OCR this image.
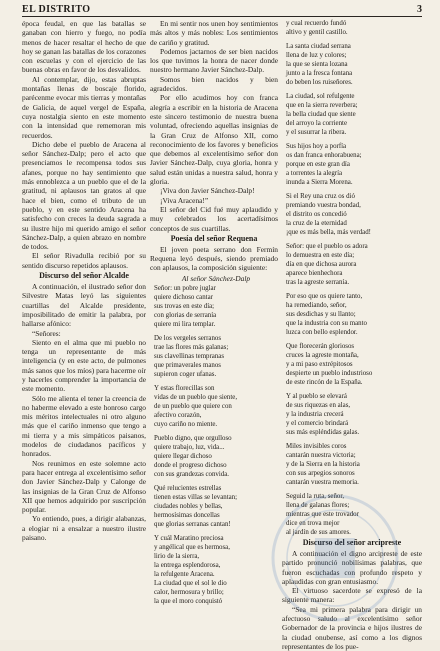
EL DISTRITO	3

época feudal, en que las batallas se ganaban con hierro y fuego, no podía menos de hacer resaltar el hecho de que hoy se ganan las batallas de los corazones con escuelas y con el ejercicio de las buenas obras en favor de los desvalidos.

Al contemplar, dijo, estas abruptas montañas llenas de boscaje florido, parécenme evocar mis tierras y montañas de Galicia, de aquel vergel de España, cuya nostalgia siento en este momento con la intensidad que rememoran mis recuerdos.

Dicho debe el pueblo de Aracena al señor Sánchez-Dalp; pero el acto que presenciamos le recompensa todos sus afanes, porque no hay sentimiento que más ennoblezca a un pueblo que el de la gratitud, ni aplausos tan gratos al que hace el bien, como el tributo de un pueblo, y en este sentido Aracena ha satisfecho con creces la deuda sagrada a su ilustre hijo mi querido amigo el señor Sánchez-Dalp, a quien abrazo en nombre de todos.

El señor Rivadulla recibió por su sentido discurso repetidos aplausos.

Discurso del señor Alcalde

A continuación, el ilustrado señor don Silvestre Matas leyó las siguientes cuartillas del Alcalde presidente, imposibilitado de emitir la palabra, por hallarse afónico:

“Señores:

Siento en el alma que mi pueblo no tenga un representante de más inteligencia (y en este acto, de pulmones más sanos que los míos) para hacerme oír y hacerles comprender la importancia de este momento.

Sólo me alienta el tener la creencia de no haberme elevado a este honroso cargo mis méritos intelectuales ni otro alguno más que el cariño inmenso que tengo a mi tierra y a mis simpáticos paisanos, modelos de ciudadanos pacíficos y honrados.

Nos reunimos en este solemne acto para hacer entrega al excelentísimo señor don Javier Sánchez-Dalp y Calonge de las insignias de la Gran Cruz de Alfonso XII que hemos adquirido por suscripción popular.

Yo entiendo, pues, a dirigir alabanzas, a elogiar ni a ensalzar a nuestro ilustre paisano.

En mi sentir nos unen hoy sentimientos más altos y más nobles: Los sentimientos de cariño y gratitud.

Podemos jactarnos de ser bien nacidos los que tuvimos la honra de nacer donde nuestro hermano Javier Sánchez-Dalp.

Somos bien nacidos y bien agradecidos.

Por ello acudimos hoy con franca alegría a escribir en la historia de Aracena este sincero testimonio de nuestra buena voluntad, ofreciendo aquellas insignias de la Gran Cruz de Alfonso XII, como reconocimiento de los favores y beneficios que debemos al excelentísimo señor don Javier Sánchez-Dalp, cuya gloria, honra y salud están unidas a nuestra salud, honra y gloria.

¡Viva don Javier Sánchez-Dalp!

¡Viva Aracena!”

El señor del Cid fué muy aplaudido y muy celebrados los acertadísimos conceptos de sus cuartillas.

Poesía del señor Requena

El joven poeta serrano don Fermín Requena leyó después, siendo premiado con aplausos, la composición siguiente:

Al señor Sánchez-Dalp
Señor: un pobre juglar
quiere dichoso cantar
sus trovas en este día;
con glorias de serranía
quiere mi lira templar.
De los vergeles serranos
trae las flores más galanas;
sus clavellinas tempranas
que primaverales manos
supieron coger ufanas.
Y estas florecillas son
vidas de un pueblo que siente,
de un pueblo que quiere con
afectivo corazón,
cuyo cariño no miente.
Pueblo digno, que orgulloso
quiere trabajo, luz, vida...
quiere llegar dichoso
donde el progreso dichoso
con sus grandezas convida.
Qué relucientes estrellas
tienen estas villas se levantan;
ciudades nobles y bellas,
hermosísimas doncellas
que glorias serranas cantan!
Y cuál Maratino preciosa
y angélical que es hermosa,
lirio de la sierra,
la entrega esplendorosa,
la refulgente Aracena.
La ciudad que el sol le dio
calor, hermosura y brillo;
la que el moro conquistó
y cual recuerdo fundó
altivo y gentil castillo.
La santa ciudad serrana
llena de luz y colores;
la que se sienta lozana
junto a la fresca fontana
do beben los ruiseñores.
La ciudad, sol refulgente
que en la sierra reverbera;
la bella ciudad que siente
del arroyo la corriente
y el susurrar la ribera.
Sus hijos hoy a porfía
os dan franca enhorabuena;
porque en este gran día
a torrentes la alegría
inunda a Sierra Morena.
Si el Rey una cruz os dió
premiando vuestra bondad,
el distrito os concedió
la cruz de la eternidad
¡que es más bella, más verdad!
Señor: que el pueblo os adora
lo demuestra en este día;
día en que dichosa aurora
aparece bienhechora
tras la agreste serranía.
Por eso que os quiere tanto,
ha remediando, señor,
sus desdichas y su llanto;
que la industria con su manto
luzca con bello esplendor.
Que florecerán gloriosos
cruces la agreste montaña,
y a mi paso extrépitosos
despierte un pueblo industrioso
de este rincón de la España.
Y al pueblo se elevará
de sus riquezas en alas,
y la industria crecerá
y el comercio brindará
sus más espléndidas galas.
Miles invisibles coros
cantarán nuestra victoria;
y de la Sierra en la historia
con sus arpegios sonoros
cantarán vuestra memoria.
Seguid la ruta, señor,
llena de galanas flores;
mientras que este trovador
dice en trova mejor
al jardín de sus amores.
Discurso del señor arcipreste

A continuación el digno arcipreste de este partido pronunció nobilísimas palabras, que fueron escuchadas con profundo respeto y aplaudidas con gran entusiasmo.

El virtuoso sacerdote se expresó de la siguiente manera:

“Sea mi primera palabra para dirigir un afectuoso saludo al excelentísimo señor Gobernador de la provincia e hijos ilustres de la ciudad onubense, así como a los dignos representantes de los pue-
